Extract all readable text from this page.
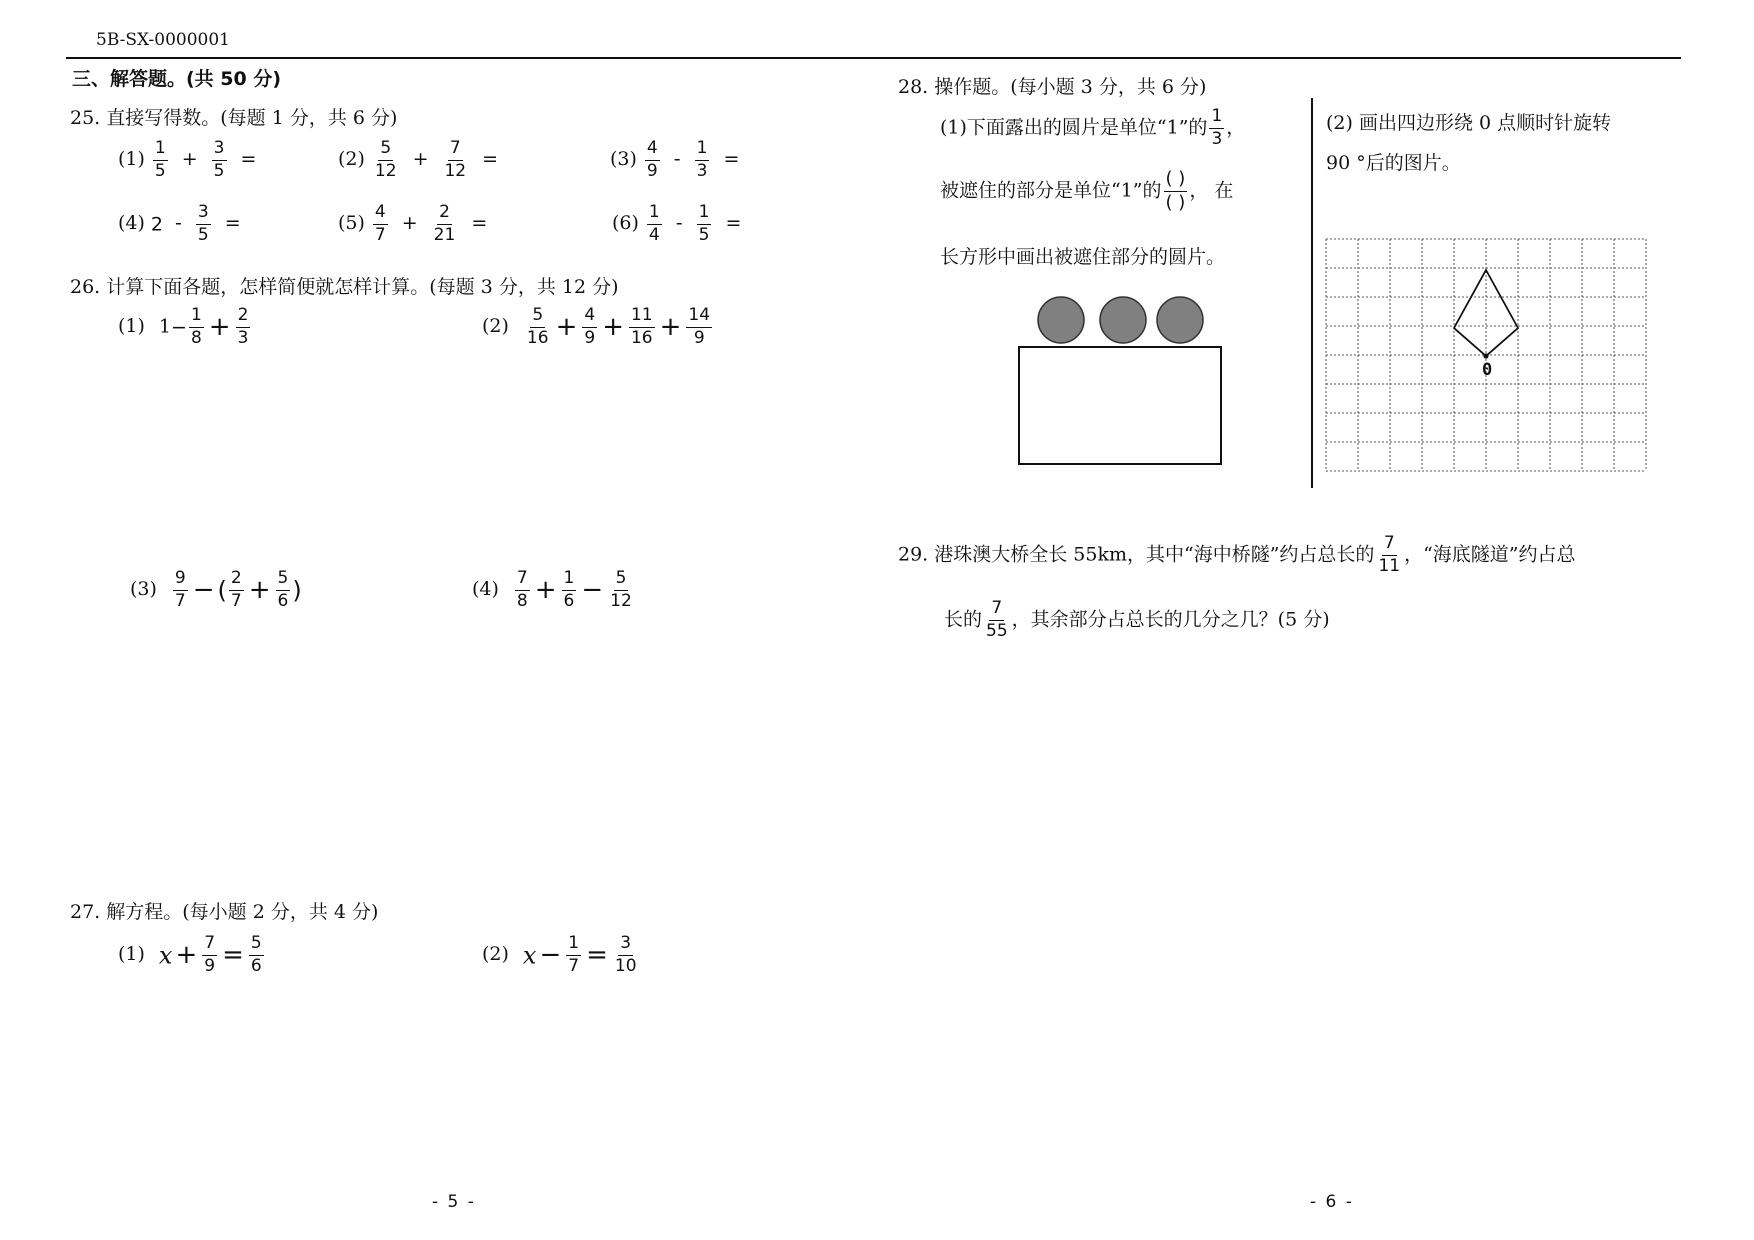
5B-SX-0000001
三、解答题。(共 50 分)
25. 直接写得数。(每题 1 分，共 6 分)
$(1) \frac{1}{5} + \frac{3}{5}$ =	$(2) \frac{5}{12} + \frac{7}{12}$ =	$(3) \frac{4}{9} - \frac{1}{3}$ =
(4) $2 - \frac{3}{5}$ =	$(5) \frac{4}{7} + \frac{2}{21}$ =	$(6) \frac{1}{4} - \frac{1}{5}$ =
26. 计算下面各题，怎样简便就怎样计算。(每题 3 分，共 12 分)
(1) $1- \frac{1}{8} + \frac{2}{3}$	$(2) \frac{5}{16} + \frac{4}{9} + \frac{11}{16} + \frac{14}{9}$
$(3) \frac{9}{7}$ − ( $\frac{2}{7} + \frac{5}{6}$ )	$(4) \frac{7}{8} + \frac{1}{6} - \frac{5}{12}$
27. 解方程。(每小题 2 分，共 4 分)
(1) $x + \frac{7}{9} = \frac{5}{6}$	(2) $x - \frac{1}{7} = \frac{3}{10}$
28. 操作题。(每小题 3 分，共 6 分)
(1)下面露出的圆片是单位“1”的 $\frac{1}{3}$ ，
被遮住的部分是单位“1”的 $\frac{( )}{( )}$ ， 在
长方形中画出被遮住部分的圆片。
(2) 画出四边形绕 0 点顺时针旋转
90 °后的图片。
0
29. 港珠澳大桥全长 55km，其中“海中桥隧”约占总长的 $\frac{7}{11}$ ，“海底隧道”约占总
长的 $\frac{7}{55}$ ，其余部分占总长的几分之几？(5 分)
- 5 -	- 6 -
